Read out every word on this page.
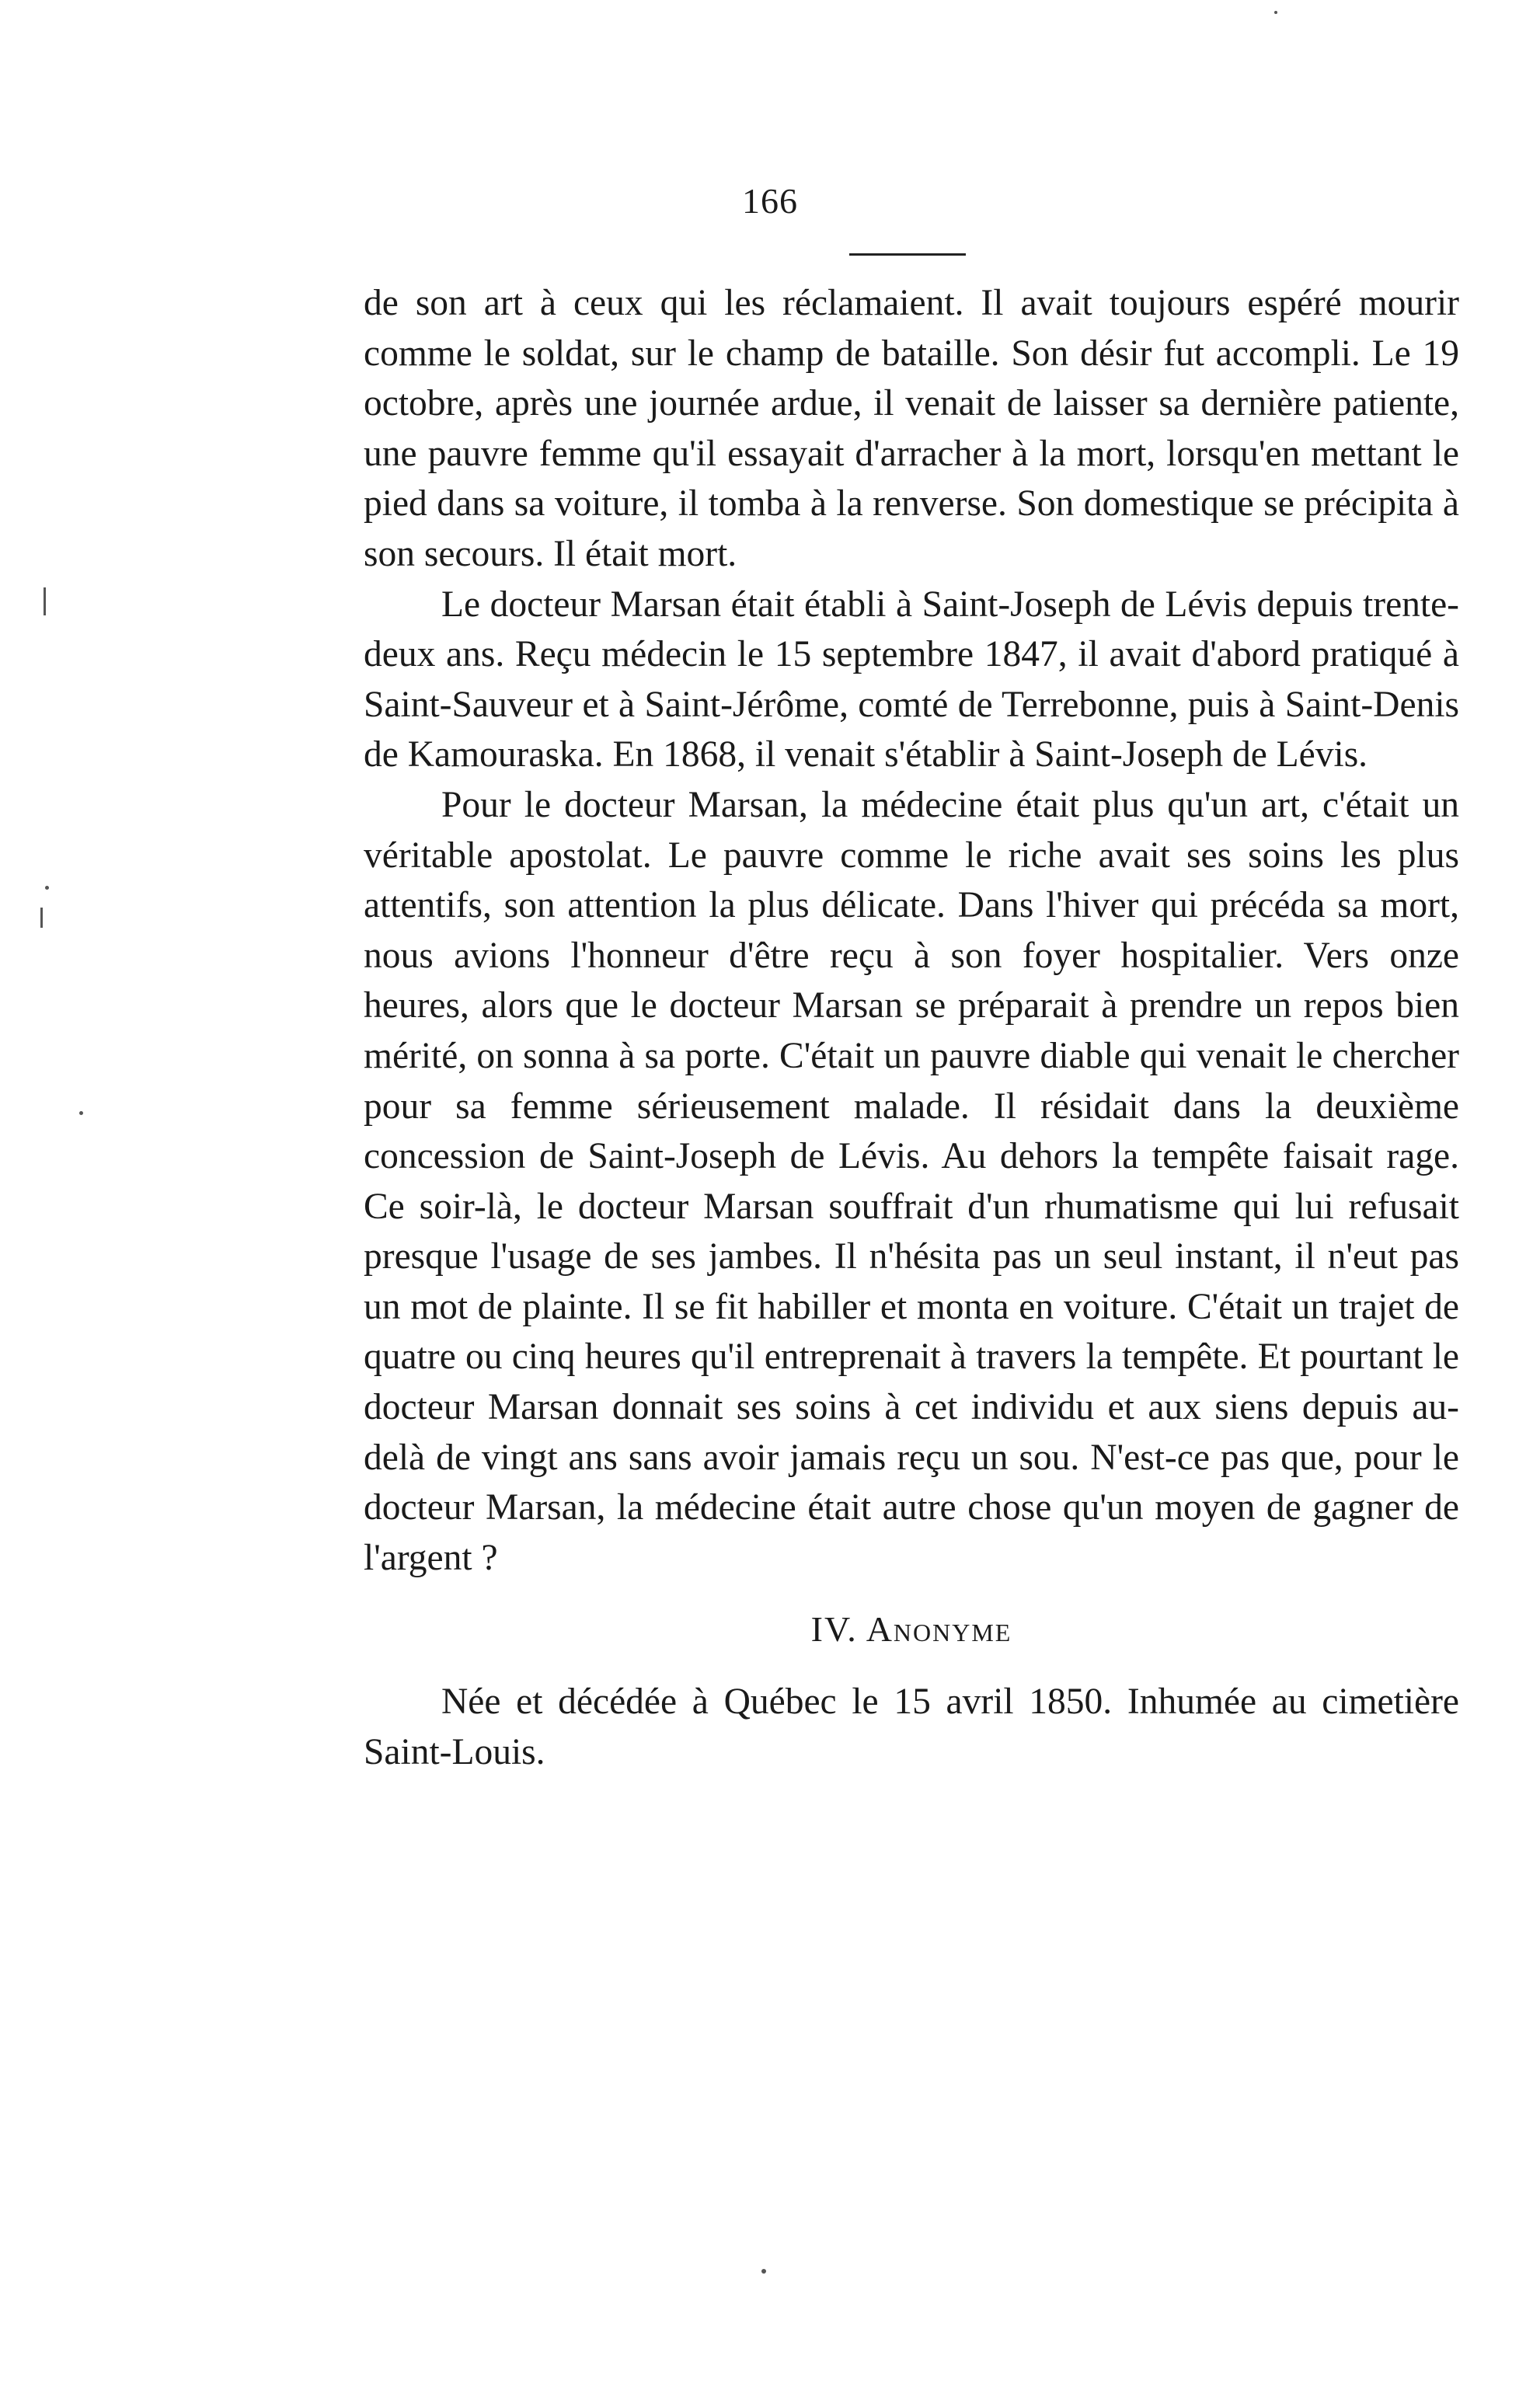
166

de son art à ceux qui les réclamaient. Il avait toujours espéré mourir comme le soldat, sur le champ de bataille. Son désir fut accompli. Le 19 octobre, après une journée ardue, il venait de laisser sa dernière patiente, une pauvre femme qu'il essayait d'arracher à la mort, lorsqu'en mettant le pied dans sa voiture, il tomba à la renverse. Son domestique se précipita à son secours. Il était mort.

Le docteur Marsan était établi à Saint-Joseph de Lévis depuis trente-deux ans. Reçu médecin le 15 septembre 1847, il avait d'abord pratiqué à Saint-Sauveur et à Saint-Jérôme, comté de Terrebonne, puis à Saint-Denis de Kamouraska. En 1868, il venait s'établir à Saint-Joseph de Lévis.

Pour le docteur Marsan, la médecine était plus qu'un art, c'était un véritable apostolat. Le pauvre comme le riche avait ses soins les plus attentifs, son attention la plus délicate. Dans l'hiver qui précéda sa mort, nous avions l'honneur d'être reçu à son foyer hospitalier. Vers onze heures, alors que le docteur Marsan se préparait à prendre un repos bien mérité, on sonna à sa porte. C'était un pauvre diable qui venait le chercher pour sa femme sérieusement malade. Il résidait dans la deuxième concession de Saint-Joseph de Lévis. Au dehors la tempête faisait rage. Ce soir-là, le docteur Marsan souffrait d'un rhumatisme qui lui refusait presque l'usage de ses jambes. Il n'hésita pas un seul instant, il n'eut pas un mot de plainte. Il se fit habiller et monta en voiture. C'était un trajet de quatre ou cinq heures qu'il entreprenait à travers la tempête. Et pourtant le docteur Marsan donnait ses soins à cet individu et aux siens depuis au-delà de vingt ans sans avoir jamais reçu un sou. N'est-ce pas que, pour le docteur Marsan, la médecine était autre chose qu'un moyen de gagner de l'argent ?

IV. Anonyme

Née et décédée à Québec le 15 avril 1850. Inhumée au cimetière Saint-Louis.
